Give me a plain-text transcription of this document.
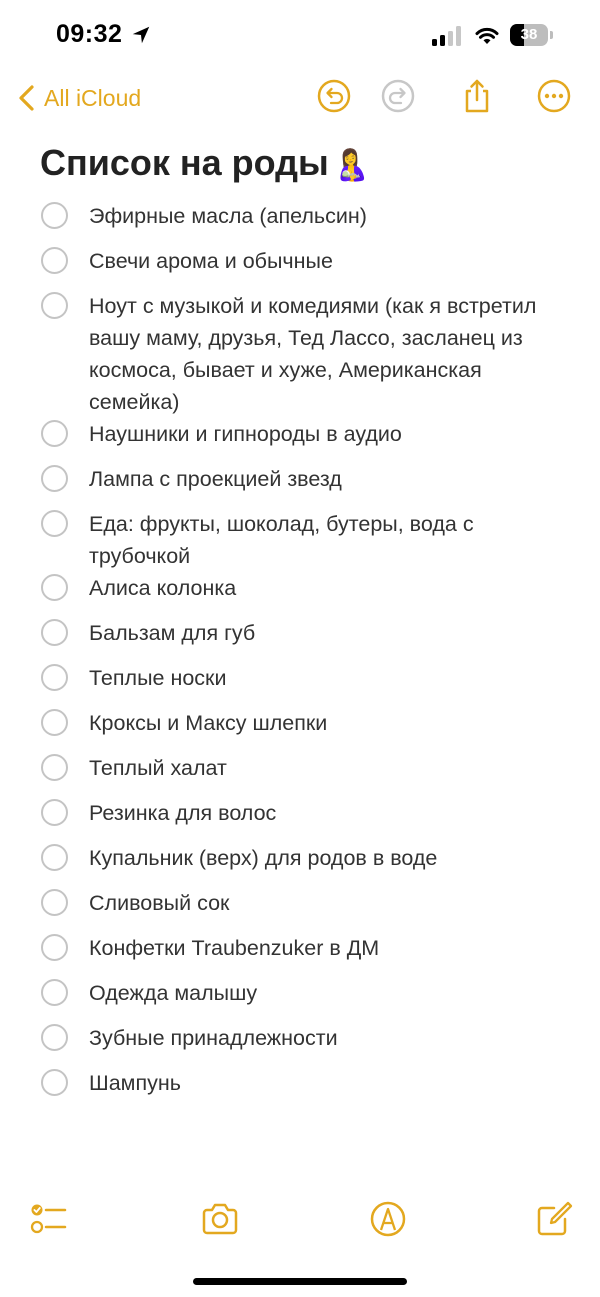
09:32	38
All iCloud
Список на роды 🤱
Эфирные масла (апельсин)
Свечи арома и обычные
Ноут с музыкой и комедиями (как я встретил вашу маму, друзья, Тед Лассо, засланец из космоса, бывает и хуже, Американская семейка)
Наушники и гипнороды в аудио
Лампа с проекцией звезд
Еда: фрукты, шоколад, бутеры, вода с трубочкой
Алиса колонка
Бальзам для губ
Теплые носки
Кроксы и Максу шлепки
Теплый халат
Резинка для волос
Купальник (верх) для родов в воде
Сливовый сок
Конфетки Traubenzuker в ДМ
Одежда малышу
Зубные принадлежности
Шампунь
